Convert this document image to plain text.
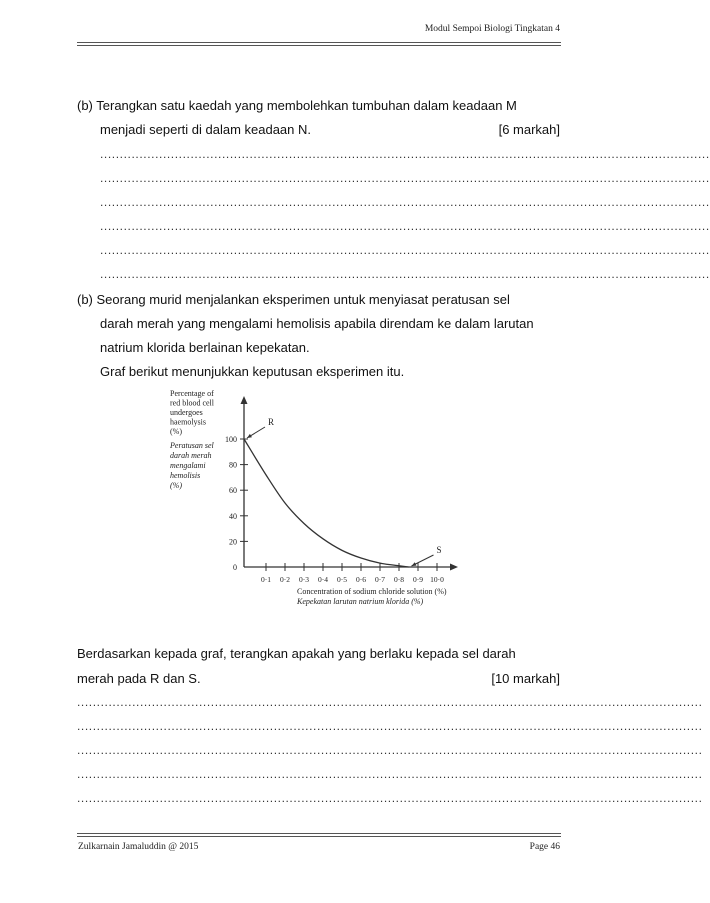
Modul Sempoi Biologi Tingkatan 4
(b) Terangkan satu kaedah yang membolehkan tumbuhan dalam keadaan M
menjadi seperti di dalam keadaan N.	[6 markah]
...........................................................................................................................................................
...........................................................................................................................................................
...........................................................................................................................................................
...........................................................................................................................................................
...........................................................................................................................................................
...........................................................................................................................................................
(b) Seorang murid menjalankan eksperimen untuk menyiasat peratusan sel
darah merah yang mengalami hemolisis apabila direndam ke dalam larutan
natrium klorida berlainan kepekatan.
Graf berikut menunjukkan keputusan eksperimen itu.
Percentage of
red blood cell
undergoes
haemolysis
(%)
Peratusan sel
darah merah
mengalami
hemolisis
(%)
0
20
40
60
80
100
0·1 0·2 0·3 0·4 0·5 0·6 0·7 0·8 0·9 10·0
R
S
Concentration of sodium chloride solution (%)
Kepekatan larutan natrium klorida (%)
Berdasarkan kepada graf, terangkan apakah yang berlaku kepada sel darah
merah pada R dan S.	[10 markah]
...............................................................................................................................................................
...............................................................................................................................................................
...............................................................................................................................................................
...............................................................................................................................................................
...............................................................................................................................................................
Zulkarnain Jamaluddin @ 2015	Page 46
